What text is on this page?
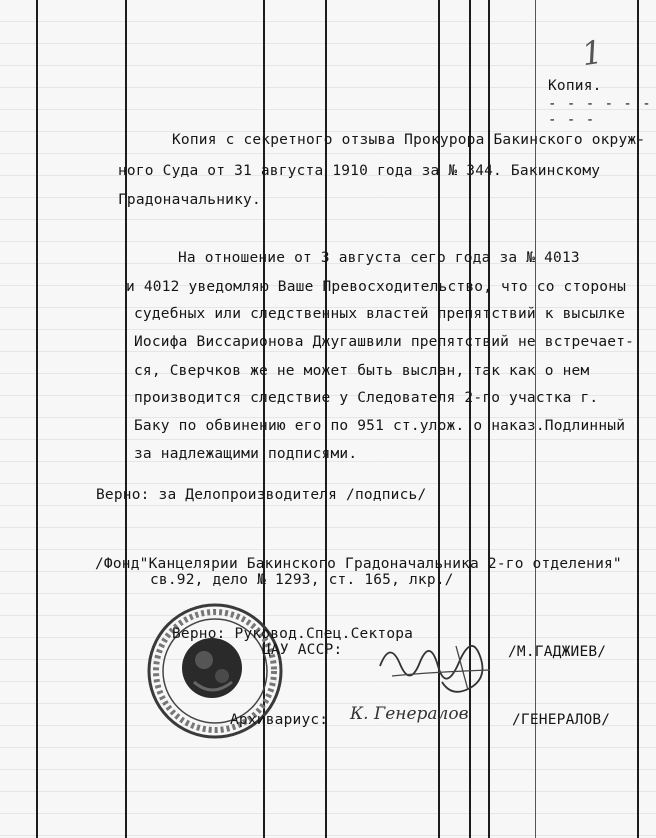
1
Копия.
- - - - - - - - -
Копия с секретного отзыва Прокурора Бакинского окруж-
ного Суда от 31 августа 1910 года за № 344. Бакинскому
Градоначальнику.
На отношение от 3 августа сего года за № 4013
и 4012 уведомляю Ваше Превосходительство, что со стороны
судебных или следственных властей препятствий к высылке
Иосифа Виссарионова Джугашвили препятствий не встречает-
ся, Сверчков же не может быть выслан, так как о нем
производится следствие у Следователя 2-го участка г.
Баку по обвинению его по 951 ст.улож. о наказ.Подлинный
за надлежащими подписями.
Верно: за Делопроизводителя /подпись/
/Фонд"Канцелярии Бакинского Градоначальника 2-го отделения"
св.92, дело № 1293, ст. 165, лкр./
Верно: Руковод.Спец.Сектора
ЦАУ АССР:	/М.ГАДЖИЕВ/
Архивариус: К. Генералов	/ГЕНЕРАЛОВ/
